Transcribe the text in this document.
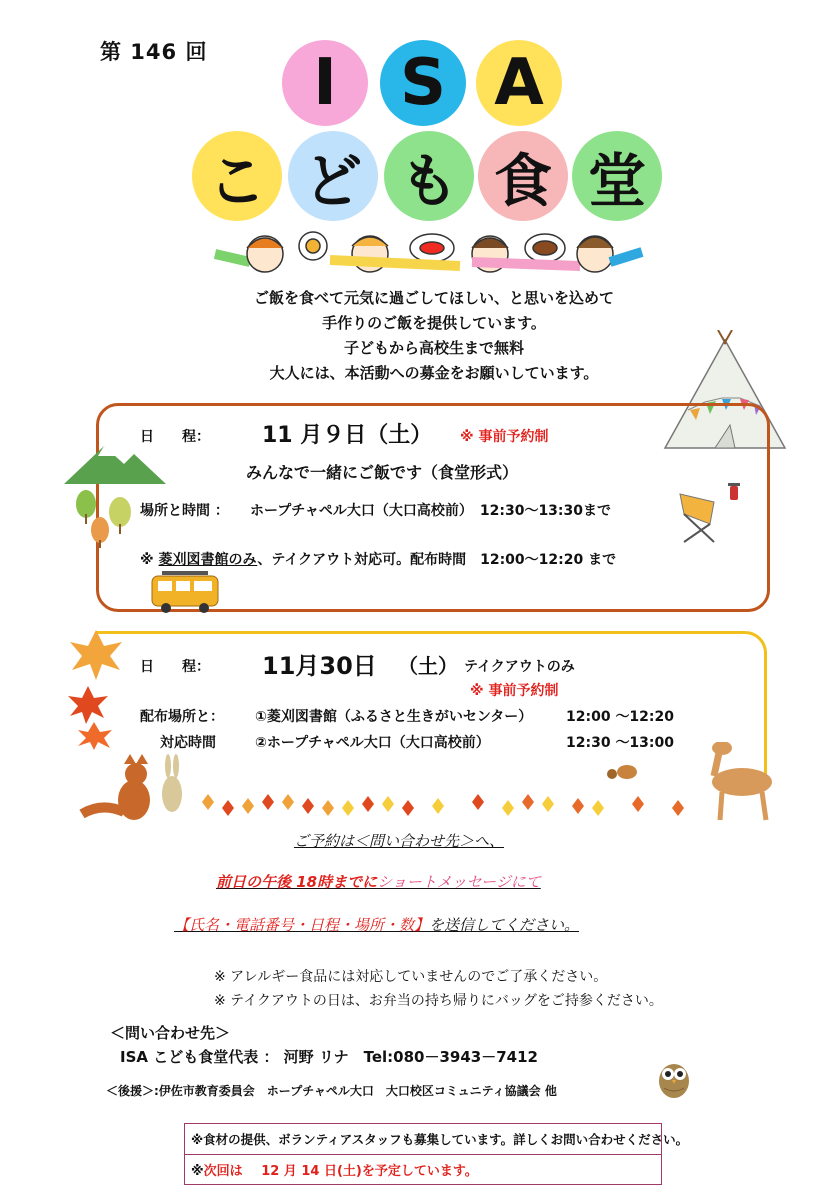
第 146 回	I S A
こ ど も 食 堂
ご飯を食べて元気に過ごしてほしい、と思いを込めて
手作りのご飯を提供しています。
子どもから高校生まで無料
大人には、本活動への募金をお願いしています。
日　　程： 11 月９日（土） ※ 事前予約制
みんなで一緒にご飯です（食堂形式）
場所と時間 ： ホープチャペル大口（大口高校前）　12:30～13:30まで
※ 菱刈図書館のみ、テイクアウト対応可。配布時間　12:00～12:20 まで
日　　程： 11月30日 （土） テイクアウトのみ
※ 事前予約制
配布場所と： ①菱刈図書館（ふるさと生きがいセンター） 12:00 ～12:20
対応時間	②ホープチャペル大口（大口高校前）	12:30 ～13:00
ご予約は＜問い合わせ先＞へ、
前日の午後 18時までにショートメッセージにて
【氏名・電話番号・日程・場所・数】を送信してください。
※ アレルギー食品には対応していませんのでご了承ください。
※ テイクアウトの日は、お弁当の持ち帰りにバッグをご持参ください。
＜問い合わせ先＞
ISA こども食堂代表 ： 河野 リナ　Tel:080－3943－7412
＜後援＞:伊佐市教育委員会　ホープチャペル大口　大口校区コミュニティ協議会 他
※食材の提供、ボランティアスタッフも募集しています。詳しくお問い合わせください。
※次回は 12 月 14 日(土)を予定しています。
